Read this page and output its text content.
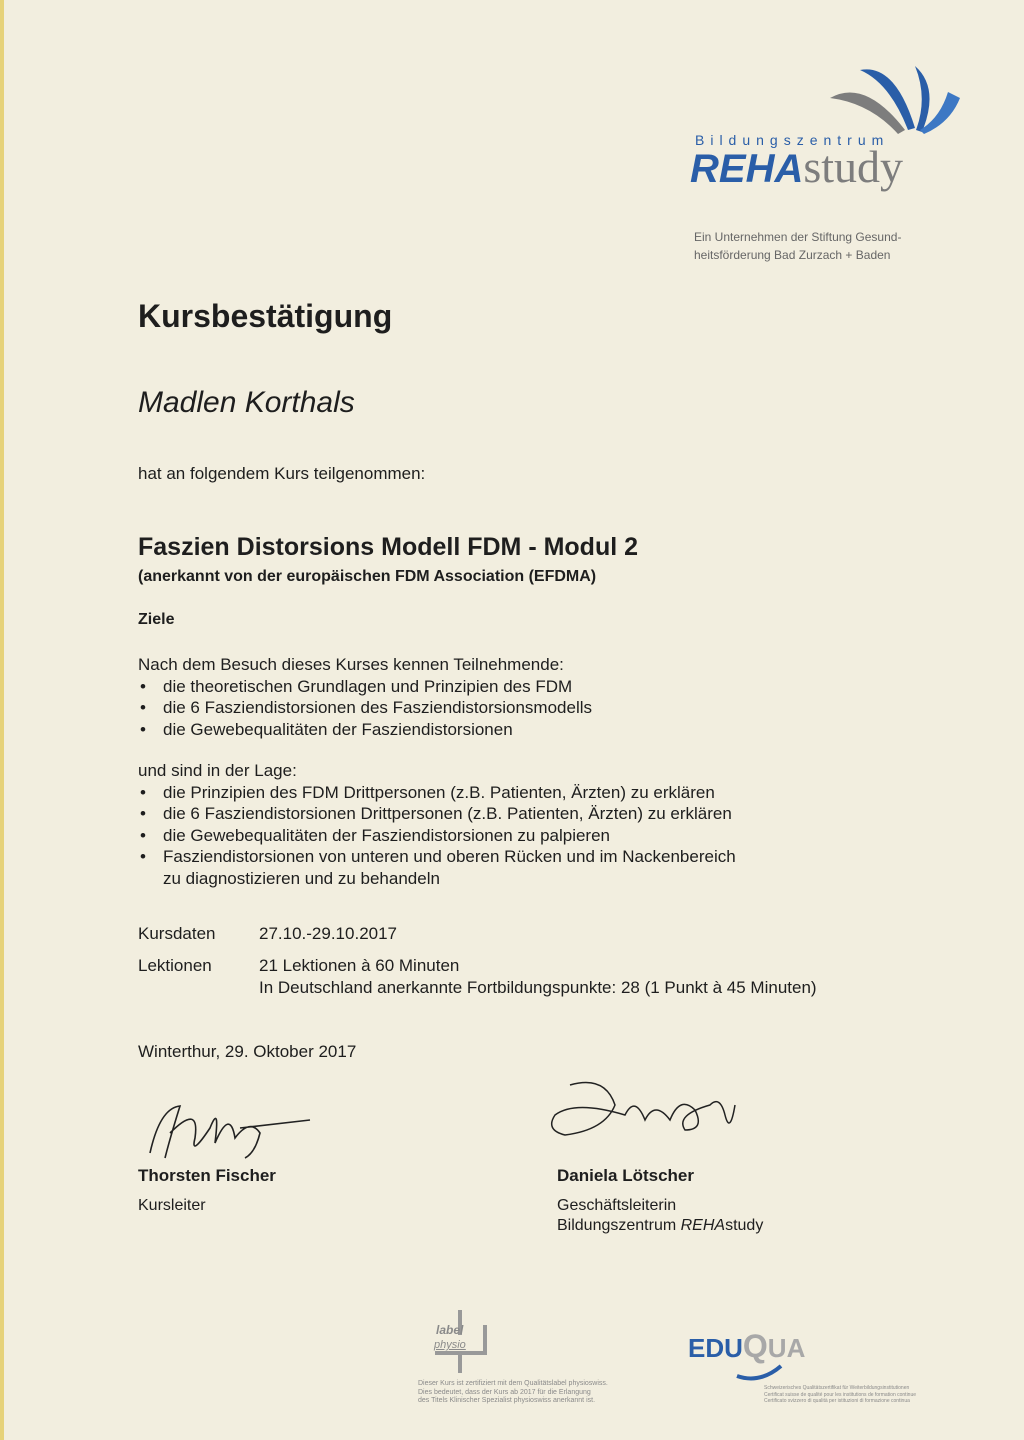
Bildungszentrum
REHAstudy
Ein Unternehmen der Stiftung Gesund-
heitsförderung Bad Zurzach + Baden
Kursbestätigung
Madlen Korthals
hat an folgendem Kurs teilgenommen:
Faszien Distorsions Modell FDM - Modul 2
(anerkannt von der europäischen FDM Association (EFDMA)
Ziele
Nach dem Besuch dieses Kurses kennen Teilnehmende:
• die theoretischen Grundlagen und Prinzipien des FDM
• die 6 Fasziendistorsionen des Fasziendistorsionsmodells
• die Gewebequalitäten der Fasziendistorsionen
und sind in der Lage:
• die Prinzipien des FDM Drittpersonen (z.B. Patienten, Ärzten) zu erklären
• die 6 Fasziendistorsionen Drittpersonen (z.B. Patienten, Ärzten) zu erklären
• die Gewebequalitäten der Fasziendistorsionen zu palpieren
• Fasziendistorsionen von unteren und oberen Rücken und im Nackenbereich
zu diagnostizieren und zu behandeln
Kursdaten	27.10.-29.10.2017
Lektionen	21 Lektionen à 60 Minuten
In Deutschland anerkannte Fortbildungspunkte: 28 (1 Punkt à 45 Minuten)
Winterthur, 29. Oktober 2017
Thorsten Fischer
Kursleiter
Daniela Lötscher
Geschäftsleiterin
Bildungszentrum REHAstudy
label
physio
Dieser Kurs ist zertifiziert mit dem Qualitätslabel physioswiss.
Dies bedeutet, dass der Kurs ab 2017 für die Erlangung
des Titels Klinischer Spezialist physioswiss anerkannt ist.
EDUQUA
Schweizerisches Qualitätszertifikat für Weiterbildungsinstitutionen
Certificat suisse de qualité pour les institutions de formation continue
Certificato svizzero di qualità per istituzioni di formazione continua
